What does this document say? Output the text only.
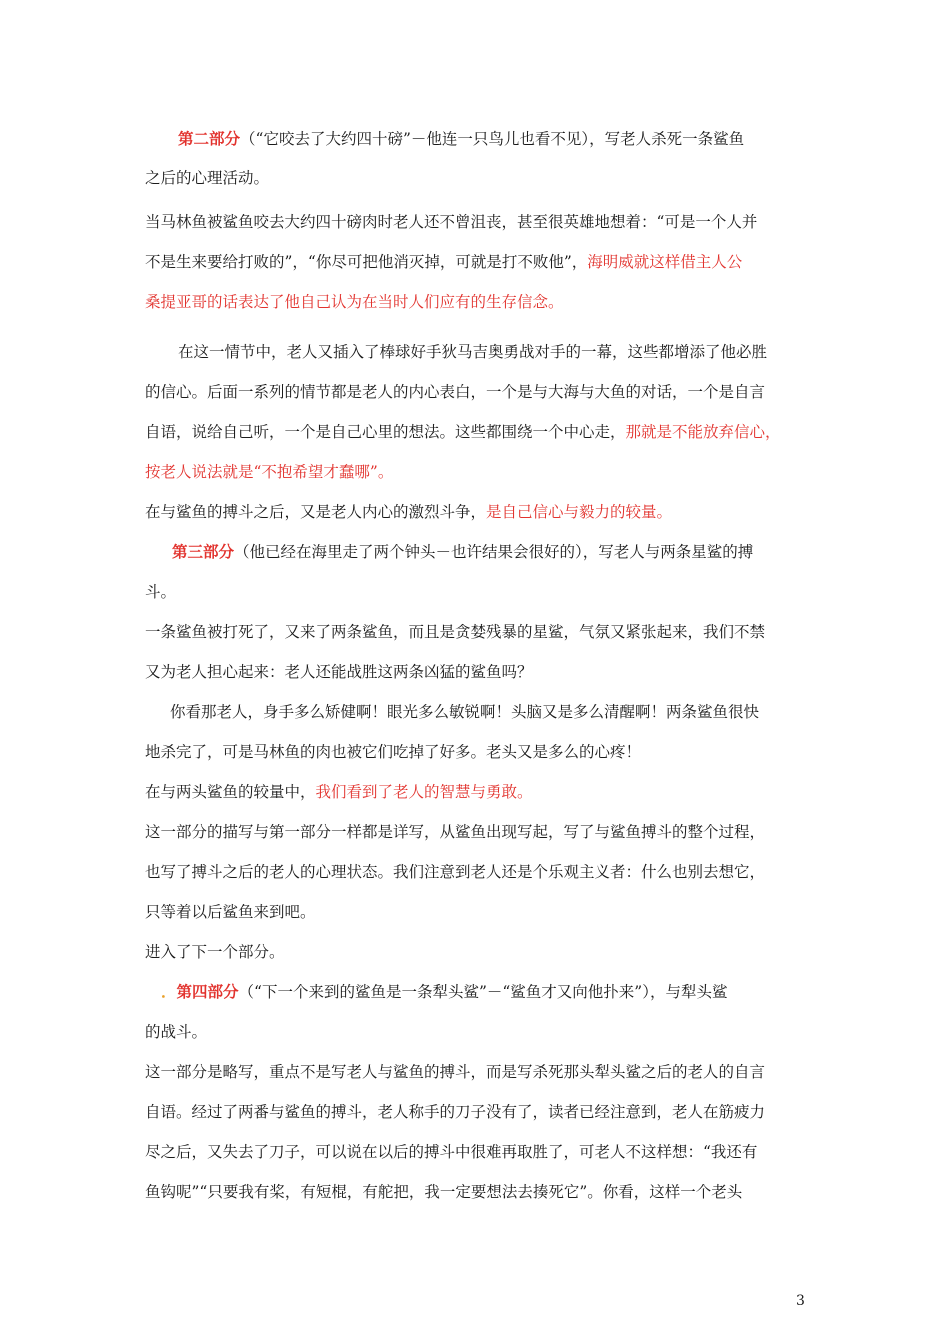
第二部分（“它咬去了大约四十磅”－他连一只鸟儿也看不见），写老人杀死一条鲨鱼

之后的心理活动。

当马林鱼被鲨鱼咬去大约四十磅肉时老人还不曾沮丧，甚至很英雄地想着：“可是一个人并

不是生来要给打败的”，“你尽可把他消灭掉，可就是打不败他”，海明威就这样借主人公

桑提亚哥的话表达了他自己认为在当时人们应有的生存信念。

在这一情节中，老人又插入了棒球好手狄马吉奥勇战对手的一幕，这些都增添了他必胜

的信心。后面一系列的情节都是老人的内心表白，一个是与大海与大鱼的对话，一个是自言

自语，说给自己听，一个是自己心里的想法。这些都围绕一个中心走，那就是不能放弃信心，

按老人说法就是“不抱希望才蠢哪”。

在与鲨鱼的搏斗之后，又是老人内心的激烈斗争，是自己信心与毅力的较量。

第三部分（他已经在海里走了两个钟头－也许结果会很好的），写老人与两条星鲨的搏

斗。

一条鲨鱼被打死了，又来了两条鲨鱼，而且是贪婪残暴的星鲨，气氛又紧张起来，我们不禁

又为老人担心起来：老人还能战胜这两条凶猛的鲨鱼吗？

你看那老人，身手多么矫健啊！眼光多么敏锐啊！头脑又是多么清醒啊！两条鲨鱼很快

地杀完了，可是马林鱼的肉也被它们吃掉了好多。老头又是多么的心疼！

在与两头鲨鱼的较量中，我们看到了老人的智慧与勇敢。

这一部分的描写与第一部分一样都是详写，从鲨鱼出现写起，写了与鲨鱼搏斗的整个过程，

也写了搏斗之后的老人的心理状态。我们注意到老人还是个乐观主义者：什么也别去想它，

只等着以后鲨鱼来到吧。

进入了下一个部分。

．第四部分（“下一个来到的鲨鱼是一条犁头鲨”－“鲨鱼才又向他扑来”），与犁头鲨

的战斗。

这一部分是略写，重点不是写老人与鲨鱼的搏斗，而是写杀死那头犁头鲨之后的老人的自言

自语。经过了两番与鲨鱼的搏斗，老人称手的刀子没有了，读者已经注意到，老人在筋疲力

尽之后，又失去了刀子，可以说在以后的搏斗中很难再取胜了，可老人不这样想：“我还有

鱼钩呢”“只要我有桨，有短棍，有舵把，我一定要想法去揍死它”。你看，这样一个老头

3
